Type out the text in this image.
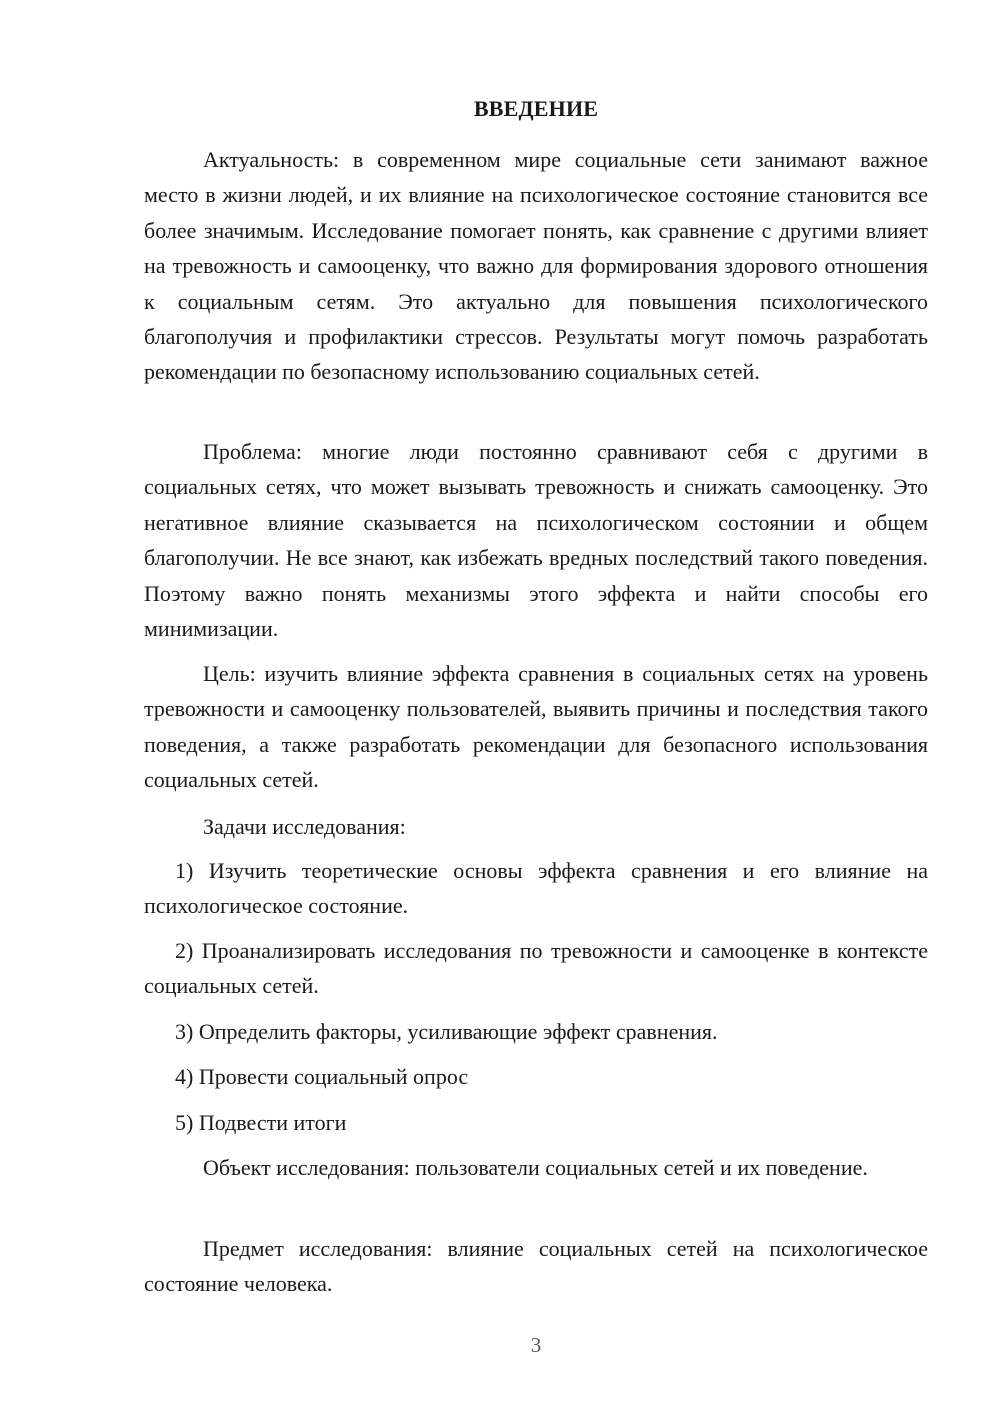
ВВЕДЕНИЕ

Актуальность: в современном мире социальные сети занимают важное место в жизни людей, и их влияние на психологическое состояние становится все более значимым. Исследование помогает понять, как сравнение с другими влияет на тревожность и самооценку, что важно для формирования здорового отношения к социальным сетям. Это актуально для повышения психологического благополучия и профилактики стрессов. Результаты могут помочь разработать рекомендации по безопасному использованию социальных сетей.

Проблема: многие люди постоянно сравнивают себя с другими в социальных сетях, что может вызывать тревожность и снижать самооценку. Это негативное влияние сказывается на психологическом состоянии и общем благополучии. Не все знают, как избежать вредных последствий такого поведения. Поэтому важно понять механизмы этого эффекта и найти способы его минимизации.

Цель: изучить влияние эффекта сравнения в социальных сетях на уровень тревожности и самооценку пользователей, выявить причины и последствия такого поведения, а также разработать рекомендации для безопасного использования социальных сетей.

Задачи исследования:

1) Изучить теоретические основы эффекта сравнения и его влияние на психологическое состояние.

2) Проанализировать исследования по тревожности и самооценке в контексте социальных сетей.

3) Определить факторы, усиливающие эффект сравнения.

4) Провести социальный опрос

5) Подвести итоги

Объект исследования: пользователи социальных сетей и их поведение.

Предмет исследования: влияние социальных сетей на психологическое состояние человека.

3
